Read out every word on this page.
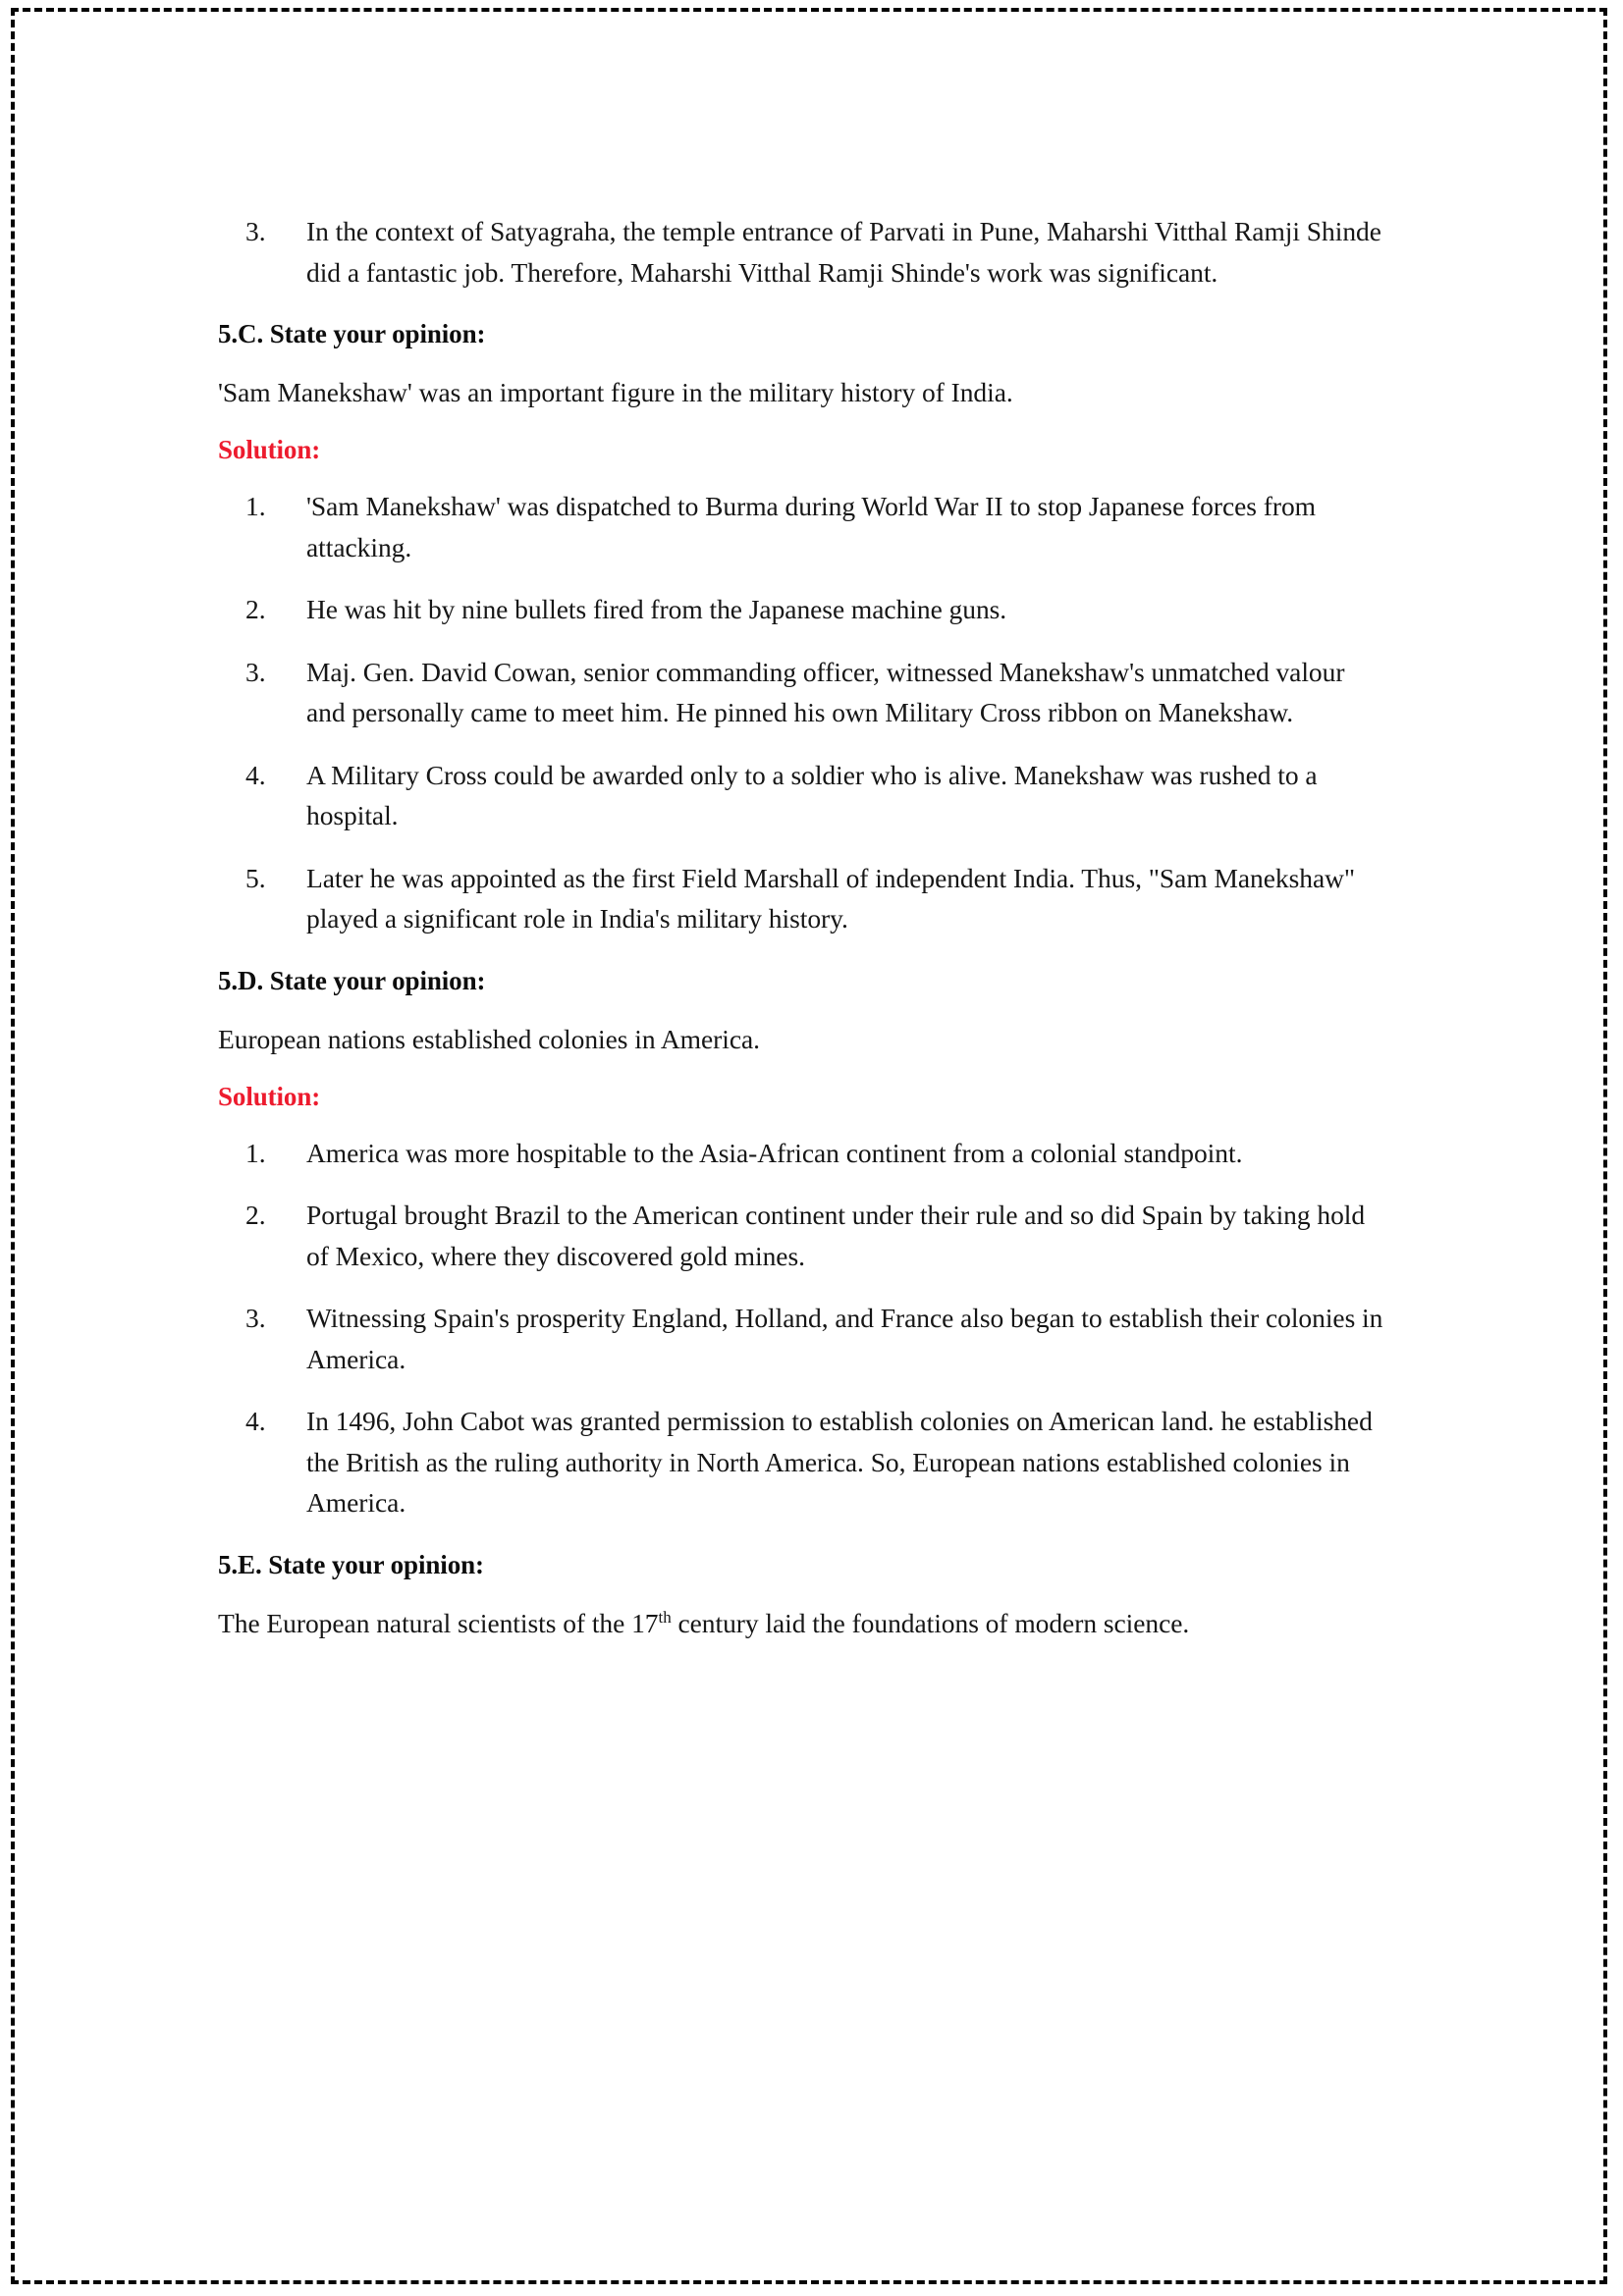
3.	In the context of Satyagraha, the temple entrance of Parvati in Pune, Maharshi Vitthal Ramji Shinde did a fantastic job. Therefore, Maharshi Vitthal Ramji Shinde's work was significant.
5.C. State your opinion:
'Sam Manekshaw' was an important figure in the military history of India.
Solution:
1.	'Sam Manekshaw' was dispatched to Burma during World War II to stop Japanese forces from attacking.
2.	He was hit by nine bullets fired from the Japanese machine guns.
3.	Maj. Gen. David Cowan, senior commanding officer, witnessed Manekshaw's unmatched valour and personally came to meet him. He pinned his own Military Cross ribbon on Manekshaw.
4.	A Military Cross could be awarded only to a soldier who is alive. Manekshaw was rushed to a hospital.
5.	Later he was appointed as the first Field Marshall of independent India. Thus, "Sam Manekshaw" played a significant role in India's military history.
5.D. State your opinion:
European nations established colonies in America.
Solution:
1.	America was more hospitable to the Asia-African continent from a colonial standpoint.
2.	Portugal brought Brazil to the American continent under their rule and so did Spain by taking hold of Mexico, where they discovered gold mines.
3.	Witnessing Spain's prosperity England, Holland, and France also began to establish their colonies in America.
4.	In 1496, John Cabot was granted permission to establish colonies on American land. he established the British as the ruling authority in North America. So, European nations established colonies in America.
5.E. State your opinion:
The European natural scientists of the 17th century laid the foundations of modern science.
